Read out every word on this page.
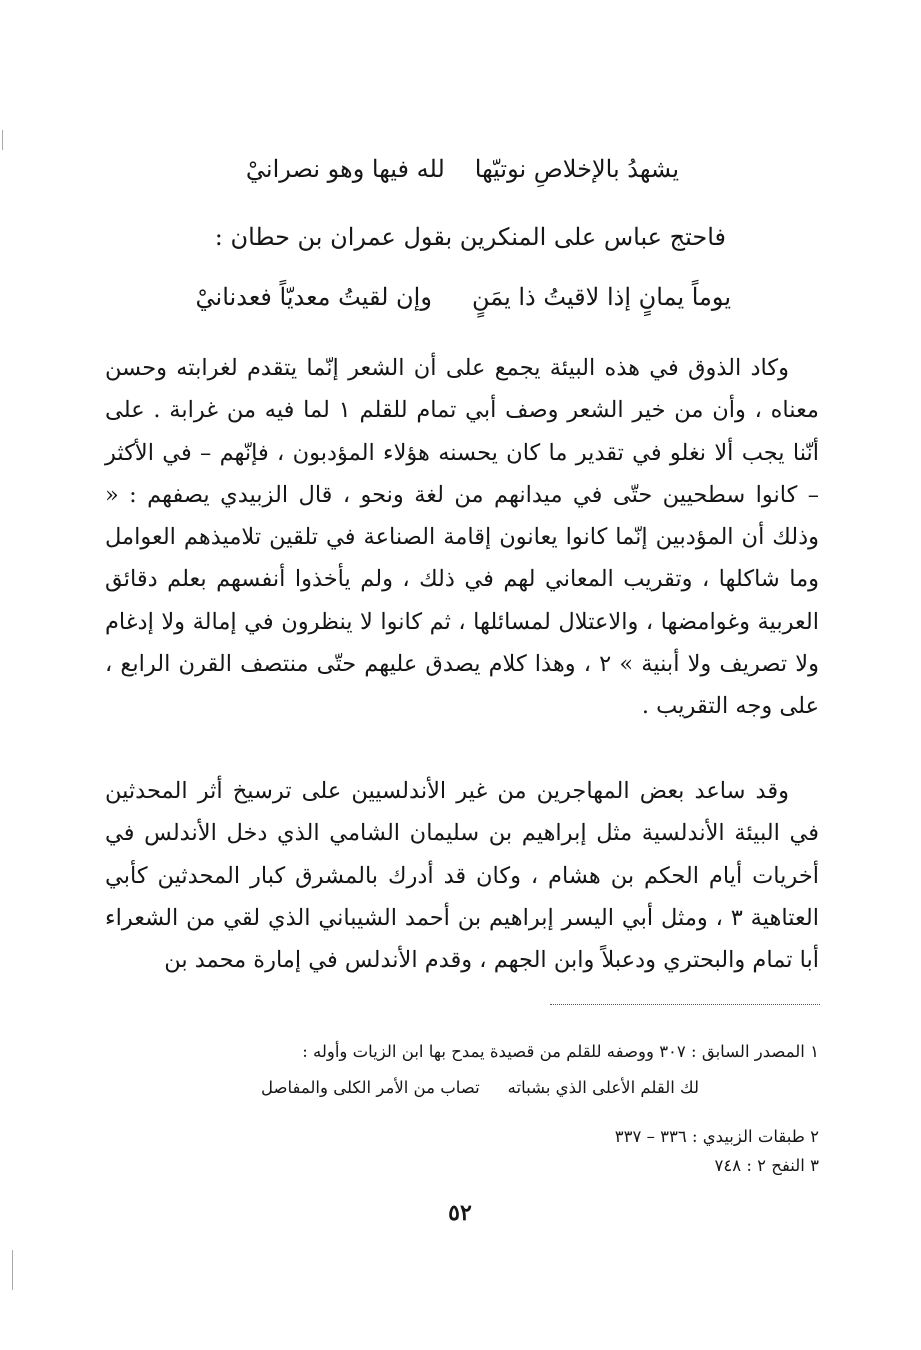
يشهدُ بالإخلاصِ نوتيّهالله فيها وهو نصرانيْ
فاحتج عباس على المنكرين بقول عمران بن حطان :
يوماً يمانٍ إذا لاقيتُ ذا يمَنٍوإن لقيتُ معديّاً فعدنانيْ

وكاد الذوق في هذه البيئة يجمع على أن الشعر إنّما يتقدم لغرابته وحسن معناه ، وأن من خير الشعر وصف أبي تمام للقلم ١ لما فيه من غرابة . على أنّنا يجب ألا نغلو في تقدير ما كان يحسنه هؤلاء المؤدبون ، فإنّهم – في الأكثر – كانوا سطحيين حتّى في ميدانهم من لغة ونحو ، قال الزبيدي يصفهم : « وذلك أن المؤدبين إنّما كانوا يعانون إقامة الصناعة في تلقين تلاميذهم العوامل وما شاكلها ، وتقريب المعاني لهم في ذلك ، ولم يأخذوا أنفسهم بعلم دقائق العربية وغوامضها ، والاعتلال لمسائلها ، ثم كانوا لا ينظرون في إمالة ولا إدغام ولا تصريف ولا أبنية » ٢ ، وهذا كلام يصدق عليهم حتّى منتصف القرن الرابع ، على وجه التقريب .

وقد ساعد بعض المهاجرين من غير الأندلسيين على ترسيخ أثر المحدثين في البيئة الأندلسية مثل إبراهيم بن سليمان الشامي الذي دخل الأندلس في أخريات أيام الحكم بن هشام ، وكان قد أدرك بالمشرق كبار المحدثين كأبي العتاهية ٣ ، ومثل أبي اليسر إبراهيم بن أحمد الشيباني الذي لقي من الشعراء أبا تمام والبحتري ودعبلاً وابن الجهم ، وقدم الأندلس في إمارة محمد بن

١ المصدر السابق : ٣٠٧ ووصفه للقلم من قصيدة يمدح بها ابن الزيات وأوله :
لك القلم الأعلى الذي بشباتهتصاب من الأمر الكلى والمفاصل
٢ طبقات الزبيدي : ٣٣٦ – ٣٣٧
٣ النفح ٢ : ٧٤٨
٥٢
